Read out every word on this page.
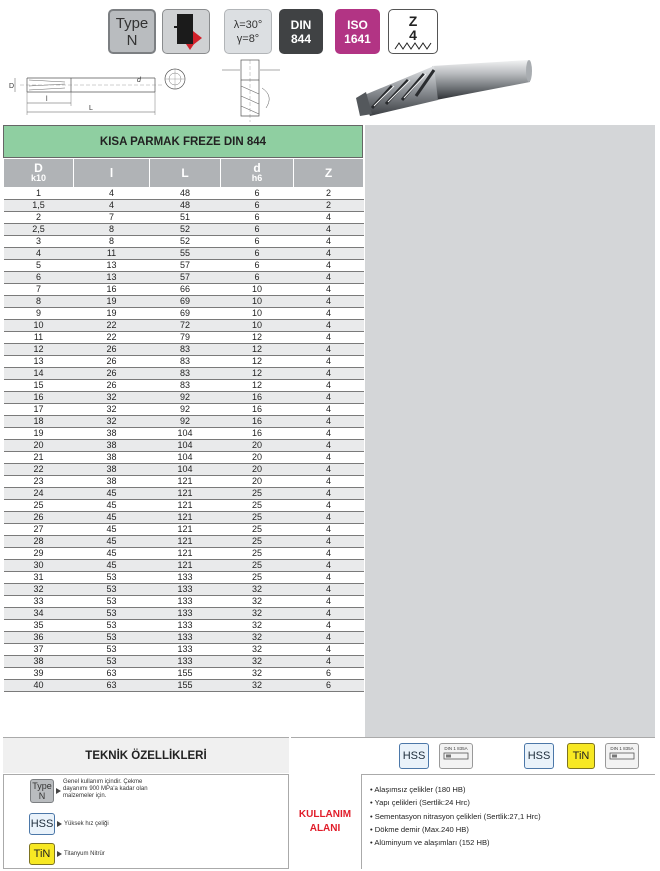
Type
N
λ=30°
γ=8°
DIN
844
ISO
1641
Z
4
D
d
l
L
KISA PARMAK FREZE DIN 844
D
k10	l	L	d
h6	Z
1	4	48	6	2
1,5	4	48	6	2
2	7	51	6	4
2,5	8	52	6	4
3	8	52	6	4
4	11	55	6	4
5	13	57	6	4
6	13	57	6	4
7	16	66	10	4
8	19	69	10	4
9	19	69	10	4
10	22	72	10	4
11	22	79	12	4
12	26	83	12	4
13	26	83	12	4
14	26	83	12	4
15	26	83	12	4
16	32	92	16	4
17	32	92	16	4
18	32	92	16	4
19	38	104	16	4
20	38	104	20	4
21	38	104	20	4
22	38	104	20	4
23	38	121	20	4
24	45	121	25	4
25	45	121	25	4
26	45	121	25	4
27	45	121	25	4
28	45	121	25	4
29	45	121	25	4
30	45	121	25	4
31	53	133	25	4
32	53	133	32	4
33	53	133	32	4
34	53	133	32	4
35	53	133	32	4
36	53	133	32	4
37	53	133	32	4
38	53	133	32	4
39	63	155	32	6
40	63	155	32	6
TEKNİK ÖZELLİKLERİ	HSS
DIN 1 835A
HSS	TiN
DIN 1 835A
Type
N
Genel kullanım içindir. Çekme dayanımı 900 MPa'a kadar olan malzemeler için.
HSS Yüksek hız çeliği
TiN	Titanyum Nitrür
KULLANIM
ALANI
• Alaşımsız çelikler (180 HB)
• Yapı çelikleri (Sertlik:24 Hrc)
• Sementasyon nitrasyon çelikleri (Sertlik:27,1 Hrc)
• Dökme demir (Max.240 HB)
• Alüminyum ve alaşımları (152 HB)
